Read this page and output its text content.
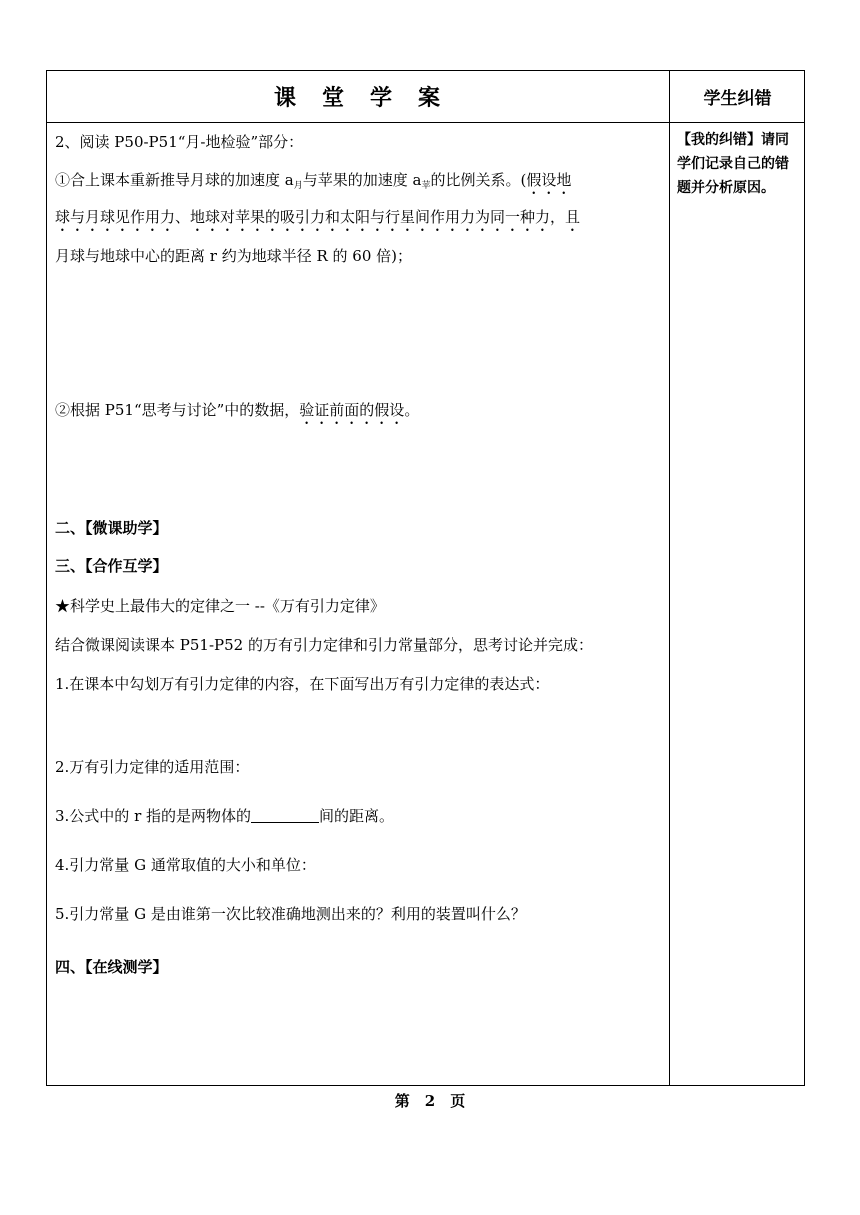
课　堂　学　案	学生纠错
【我的纠错】请同学们记录自己的错题并分析原因。
2、阅读 P50-P51“月-地检验”部分：
①合上课本重新推导月球的加速度 $a_月$与苹果的加速度 $a_苹$的比例关系。(假设地
球与月球见作用力、地球对苹果的吸引力和太阳与行星间作用力为同一种力，且
月球与地球中心的距离 r 约为地球半径 R 的 60 倍)；
②根据 P51“思考与讨论”中的数据，验证前面的假设。
二、【微课助学】
三、【合作互学】
★科学史上最伟大的定律之一 --《万有引力定律》
结合微课阅读课本 P51-P52 的万有引力定律和引力常量部分，思考讨论并完成：
1.在课本中勾划万有引力定律的内容，在下面写出万有引力定律的表达式：
2.万有引力定律的适用范围：
3.公式中的 r 指的是两物体的	间的距离。
4.引力常量 G 通常取值的大小和单位：
5.引力常量 G 是由谁第一次比较准确地测出来的？利用的装置叫什么？
四、【在线测学】
第　2　页
